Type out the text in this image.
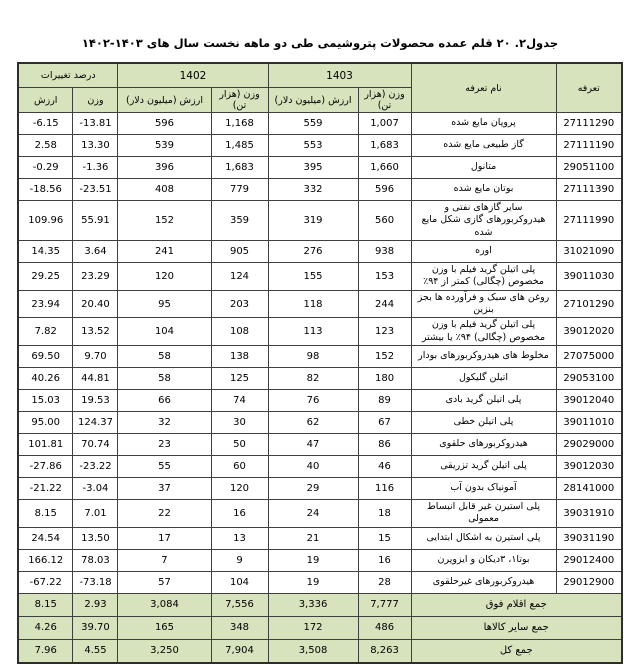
جدول۲. ۲۰ قلم عمده محصولات پتروشیمی طی دو ماهه نخست سال های ۱۴۰۳-۱۴۰۲
تعرفه	نام تعرفه	1403		1402		درصد تغییرات	
		وزن (هزار تن)	ارزش (میلیون دلار)	وزن (هزار تن)	ارزش (میلیون دلار)	وزن	ارزش
27111290	پروپان مایع شده	1,007	559	1,168	596	-13.81	-6.15
27111190	گاز طبیعی مایع شده	1,683	553	1,485	539	13.30	2.58
29051100	متانول	1,660	395	1,683	396	-1.36	-0.29
27111390	بوتان مایع شده	596	332	779	408	-23.51	-18.56
27111990	سایر گازهای نفتی و هیدروکربورهای گازی شکل مایع شده	560	319	359	152	55.91	109.96
31021090	اوره	938	276	905	241	3.64	14.35
39011030	پلی اتیلن گرید فیلم با وزن مخصوص (چگالی) کمتر از ۹۴٪	153	155	124	120	23.29	29.25
27101290	روغن های سبک و فرآورده ها بجز بنزین	244	118	203	95	20.40	23.94
39012020	پلی اتیلن گرید فیلم با وزن مخصوص (چگالی) ۹۴٪ یا بیشتر	123	113	108	104	13.52	7.82
27075000	مخلوط های هیدروکربورهای بودار	152	98	138	58	9.70	69.50
29053100	اتیلن گلیکول	180	82	125	58	44.81	40.26
39012040	پلی اتیلن گرید بادی	89	76	74	66	19.53	15.03
39011010	پلی اتیلن خطی	67	62	30	32	124.37	95.00
29029000	هیدروکربورهای حلقوی	86	47	50	23	70.74	101.81
39012030	پلی اتیلن گرید تزریقی	46	40	60	55	-23.22	-27.86
28141000	آمونیاک بدون آب	116	29	120	37	-3.04	-21.22
39031910	پلی استیرن غیر قابل انبساط معمولی	18	24	16	22	7.01	8.15
39031190	پلی استیرن به اشکال ابتدایی	15	21	13	17	13.50	24.54
29012400	بوتا۱، ۳دیکان و ایزوپرن	16	19	9	7	78.03	166.12
29012900	هیدروکربورهای غیرحلقوی	28	19	104	57	-73.18	-67.22
جمع اقلام فوق		7,777	3,336	7,556	3,084	2.93	8.15
جمع سایر کالاها		486	172	348	165	39.70	4.26
جمع کل		8,263	3,508	7,904	3,250	4.55	7.96
